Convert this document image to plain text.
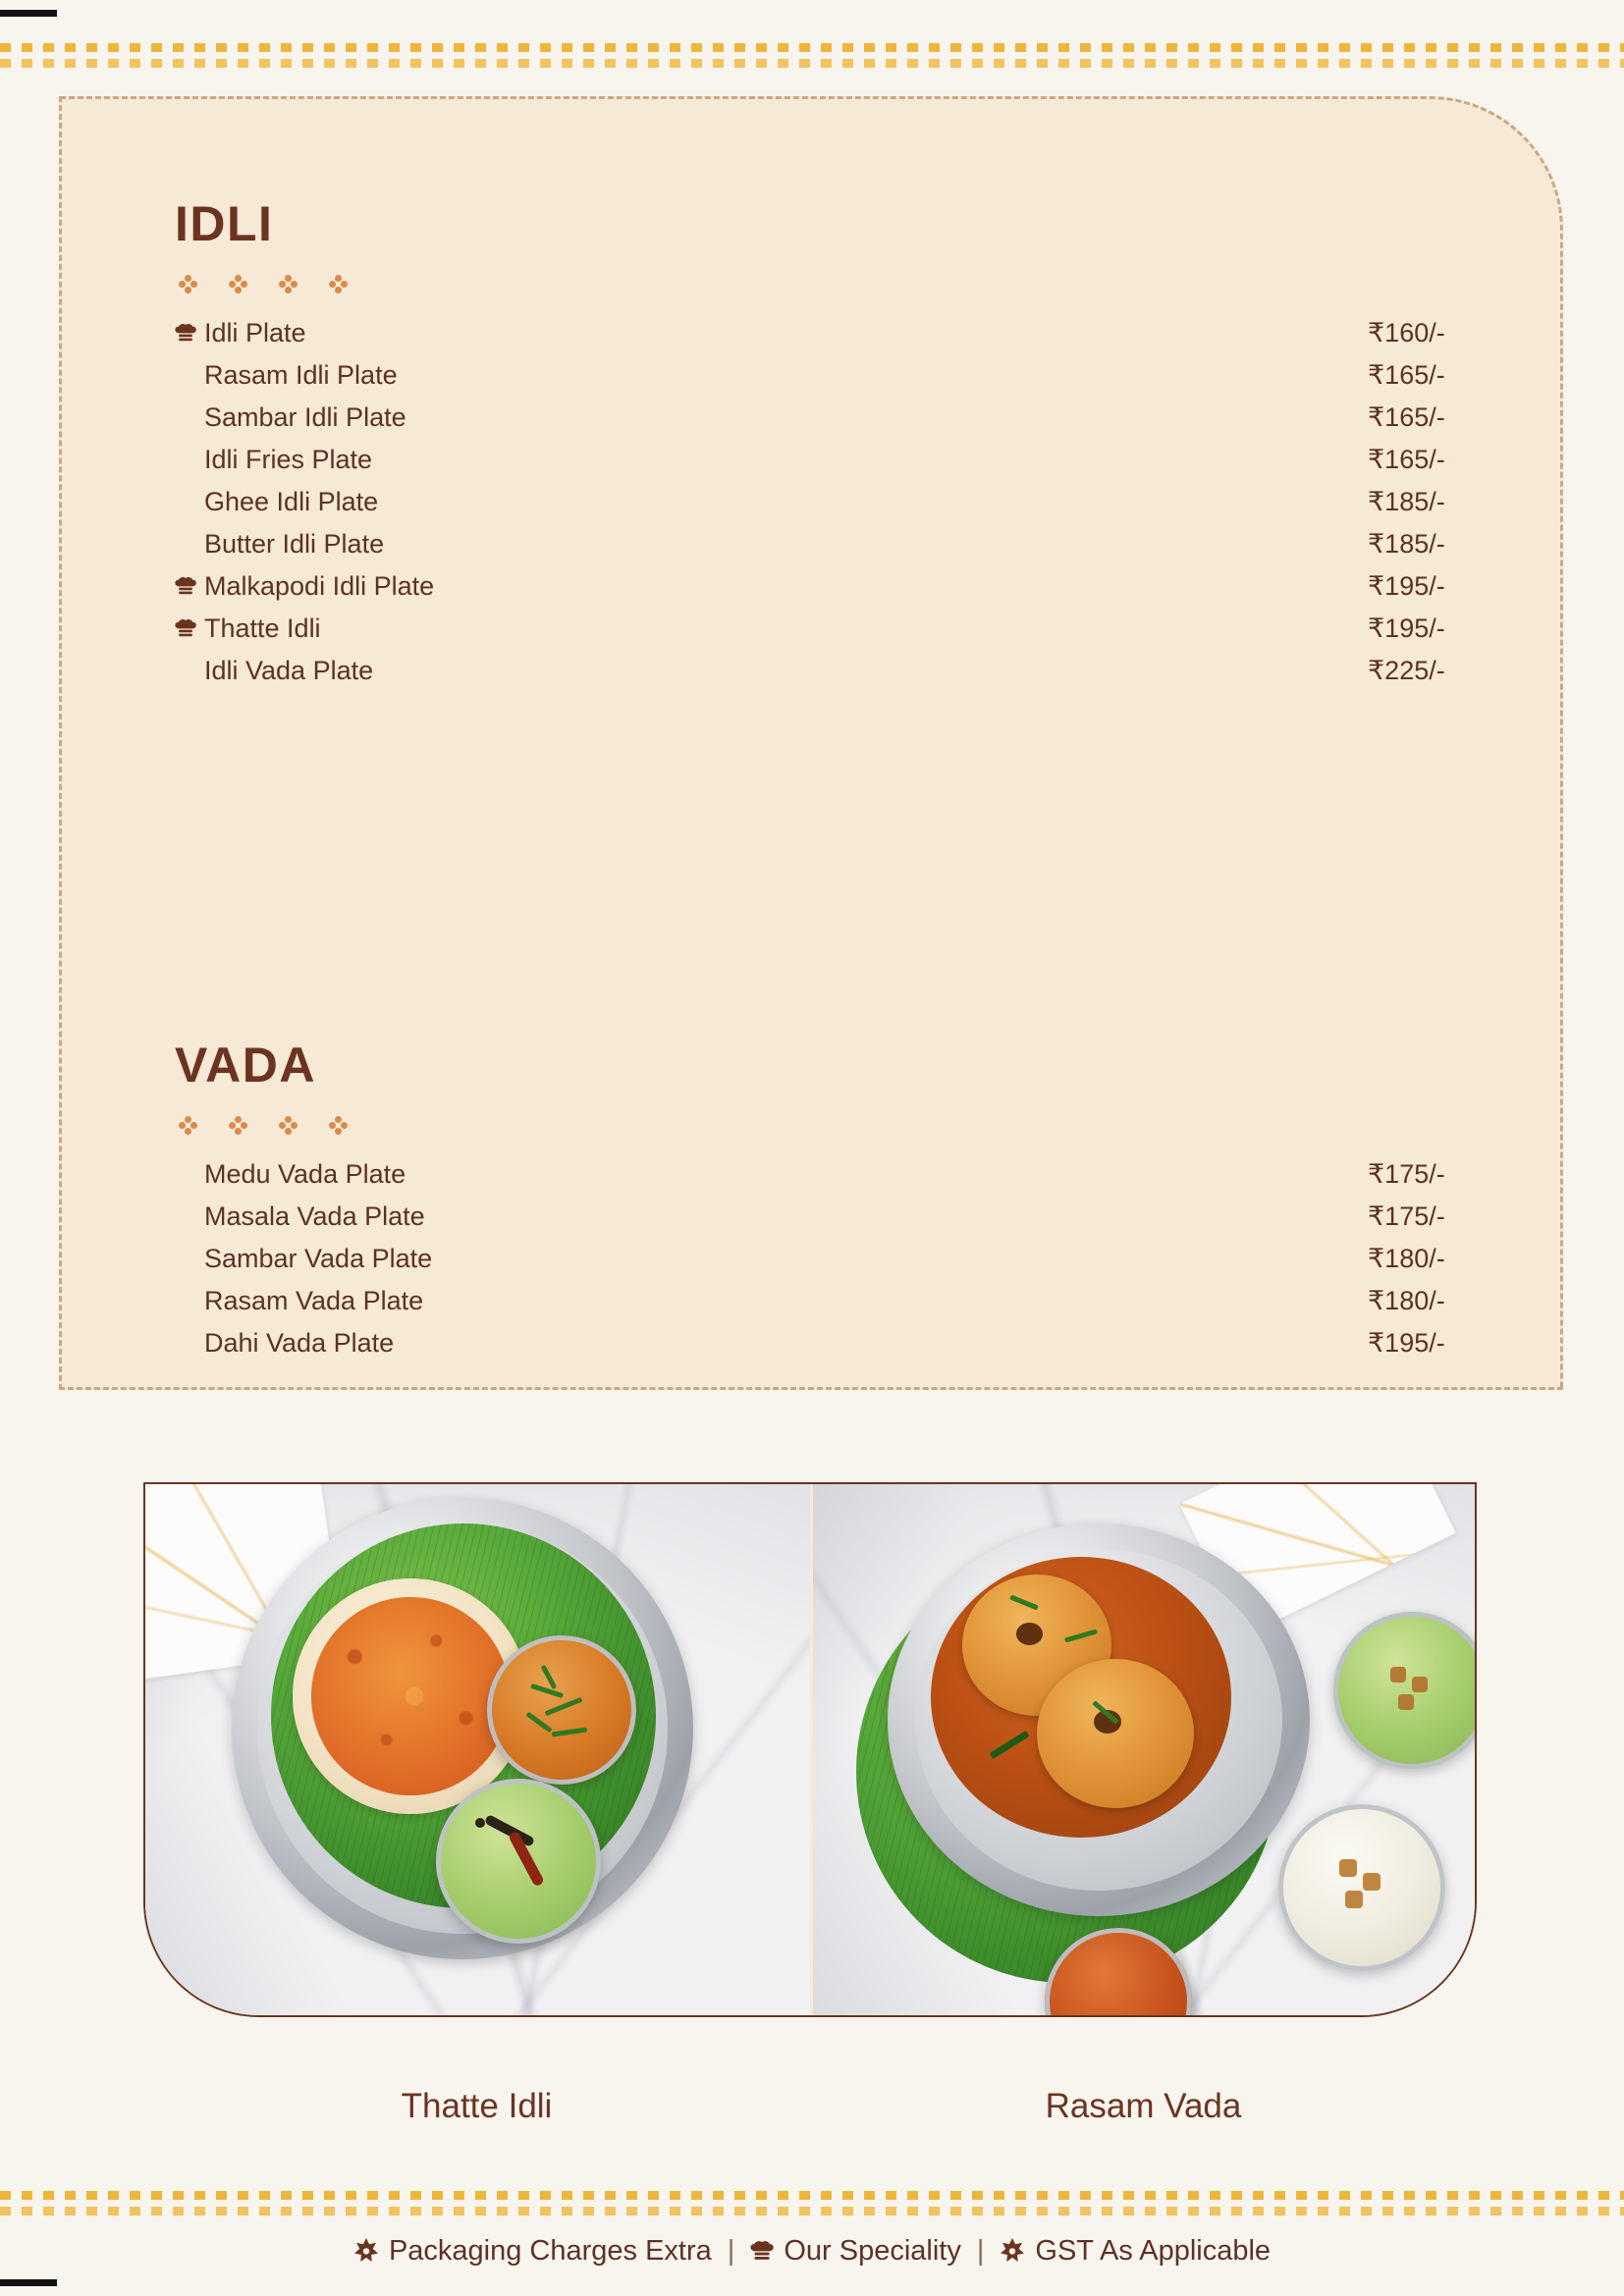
IDLI
Idli Plate	₹160/-
Rasam Idli Plate	₹165/-
Sambar Idli Plate	₹165/-
Idli Fries Plate	₹165/-
Ghee Idli Plate	₹185/-
Butter Idli Plate	₹185/-
Malkapodi Idli Plate	₹195/-
Thatte Idli	₹195/-
Idli Vada Plate	₹225/-
VADA
Medu Vada Plate	₹175/-
Masala Vada Plate	₹175/-
Sambar Vada Plate	₹180/-
Rasam Vada Plate	₹180/-
Dahi Vada Plate	₹195/-
Thatte Idli	Rasam Vada
Packaging Charges Extra |	Our Speciality |	GST As Applicable
